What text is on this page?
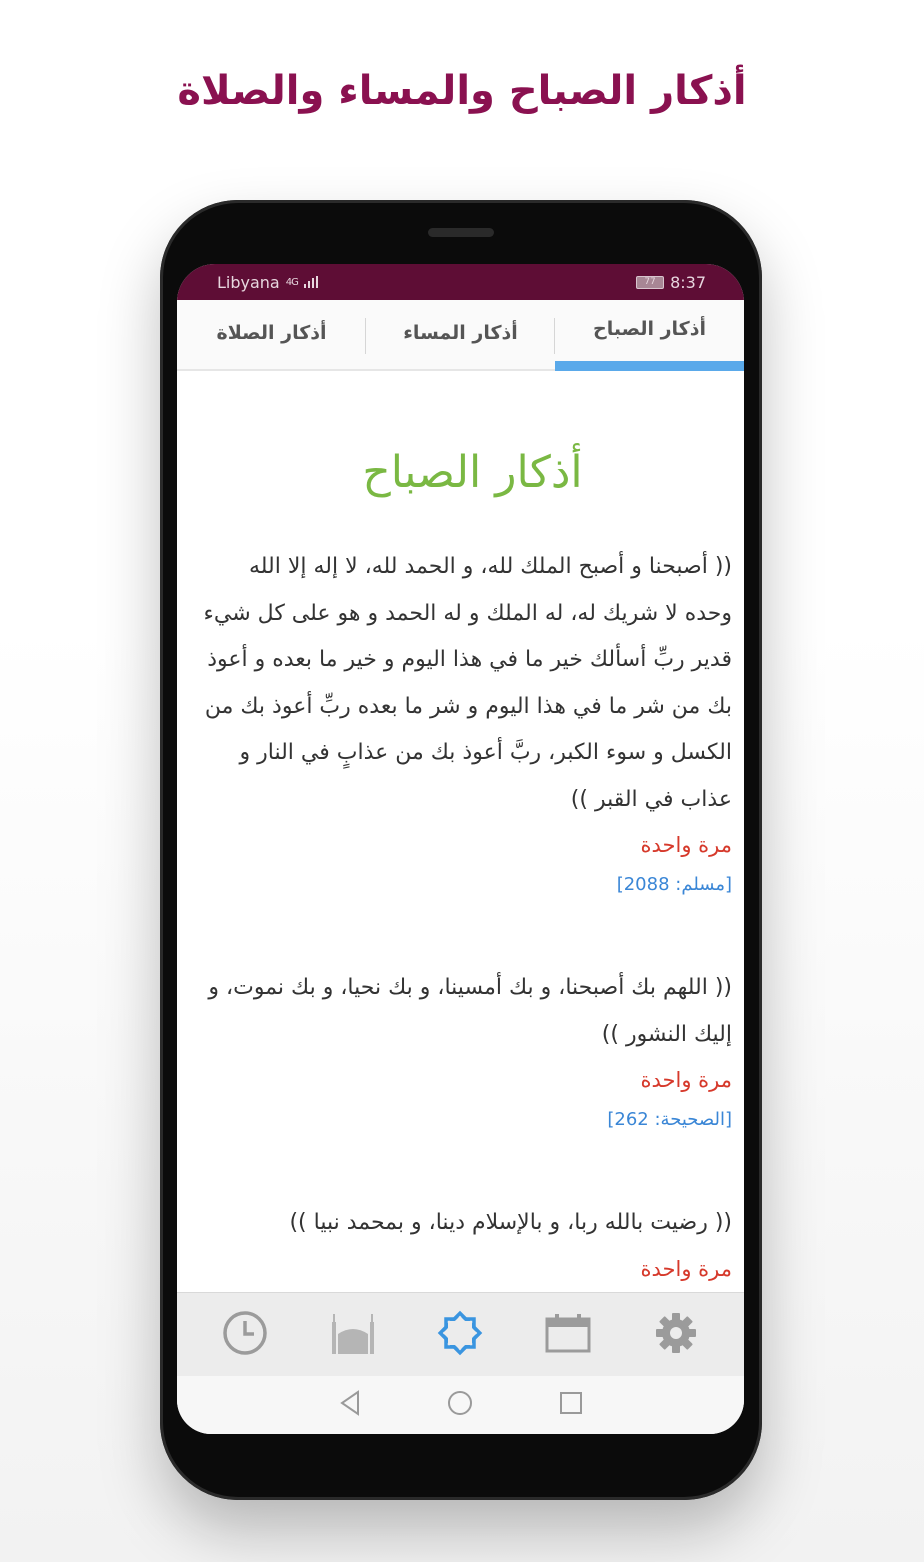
أذكار الصباح والمساء والصلاة
Libyana 4G	77 8:37
أذكار الصباح
أذكار المساء
أذكار الصلاة
أذكار الصباح
(( أصبحنا و أصبح الملك لله، و الحمد لله، لا إله إلا الله وحده لا شريك له، له الملك و له الحمد و هو على كل شيء قدير ربِّ أسألك خير ما في هذا اليوم و خير ما بعده و أعوذ بك من شر ما في هذا اليوم و شر ما بعده ربِّ أعوذ بك من الكسل و سوء الكبر، ربَّ أعوذ بك من عذابٍ في النار و عذاب في القبر ))
مرة واحدة
[مسلم: 2088]
(( اللهم بك أصبحنا، و بك أمسينا، و بك نحيا، و بك نموت، و إليك النشور ))
مرة واحدة
[الصحيحة: 262]
(( رضيت بالله ربا، و بالإسلام دينا، و بمحمد نبيا ))
مرة واحدة
